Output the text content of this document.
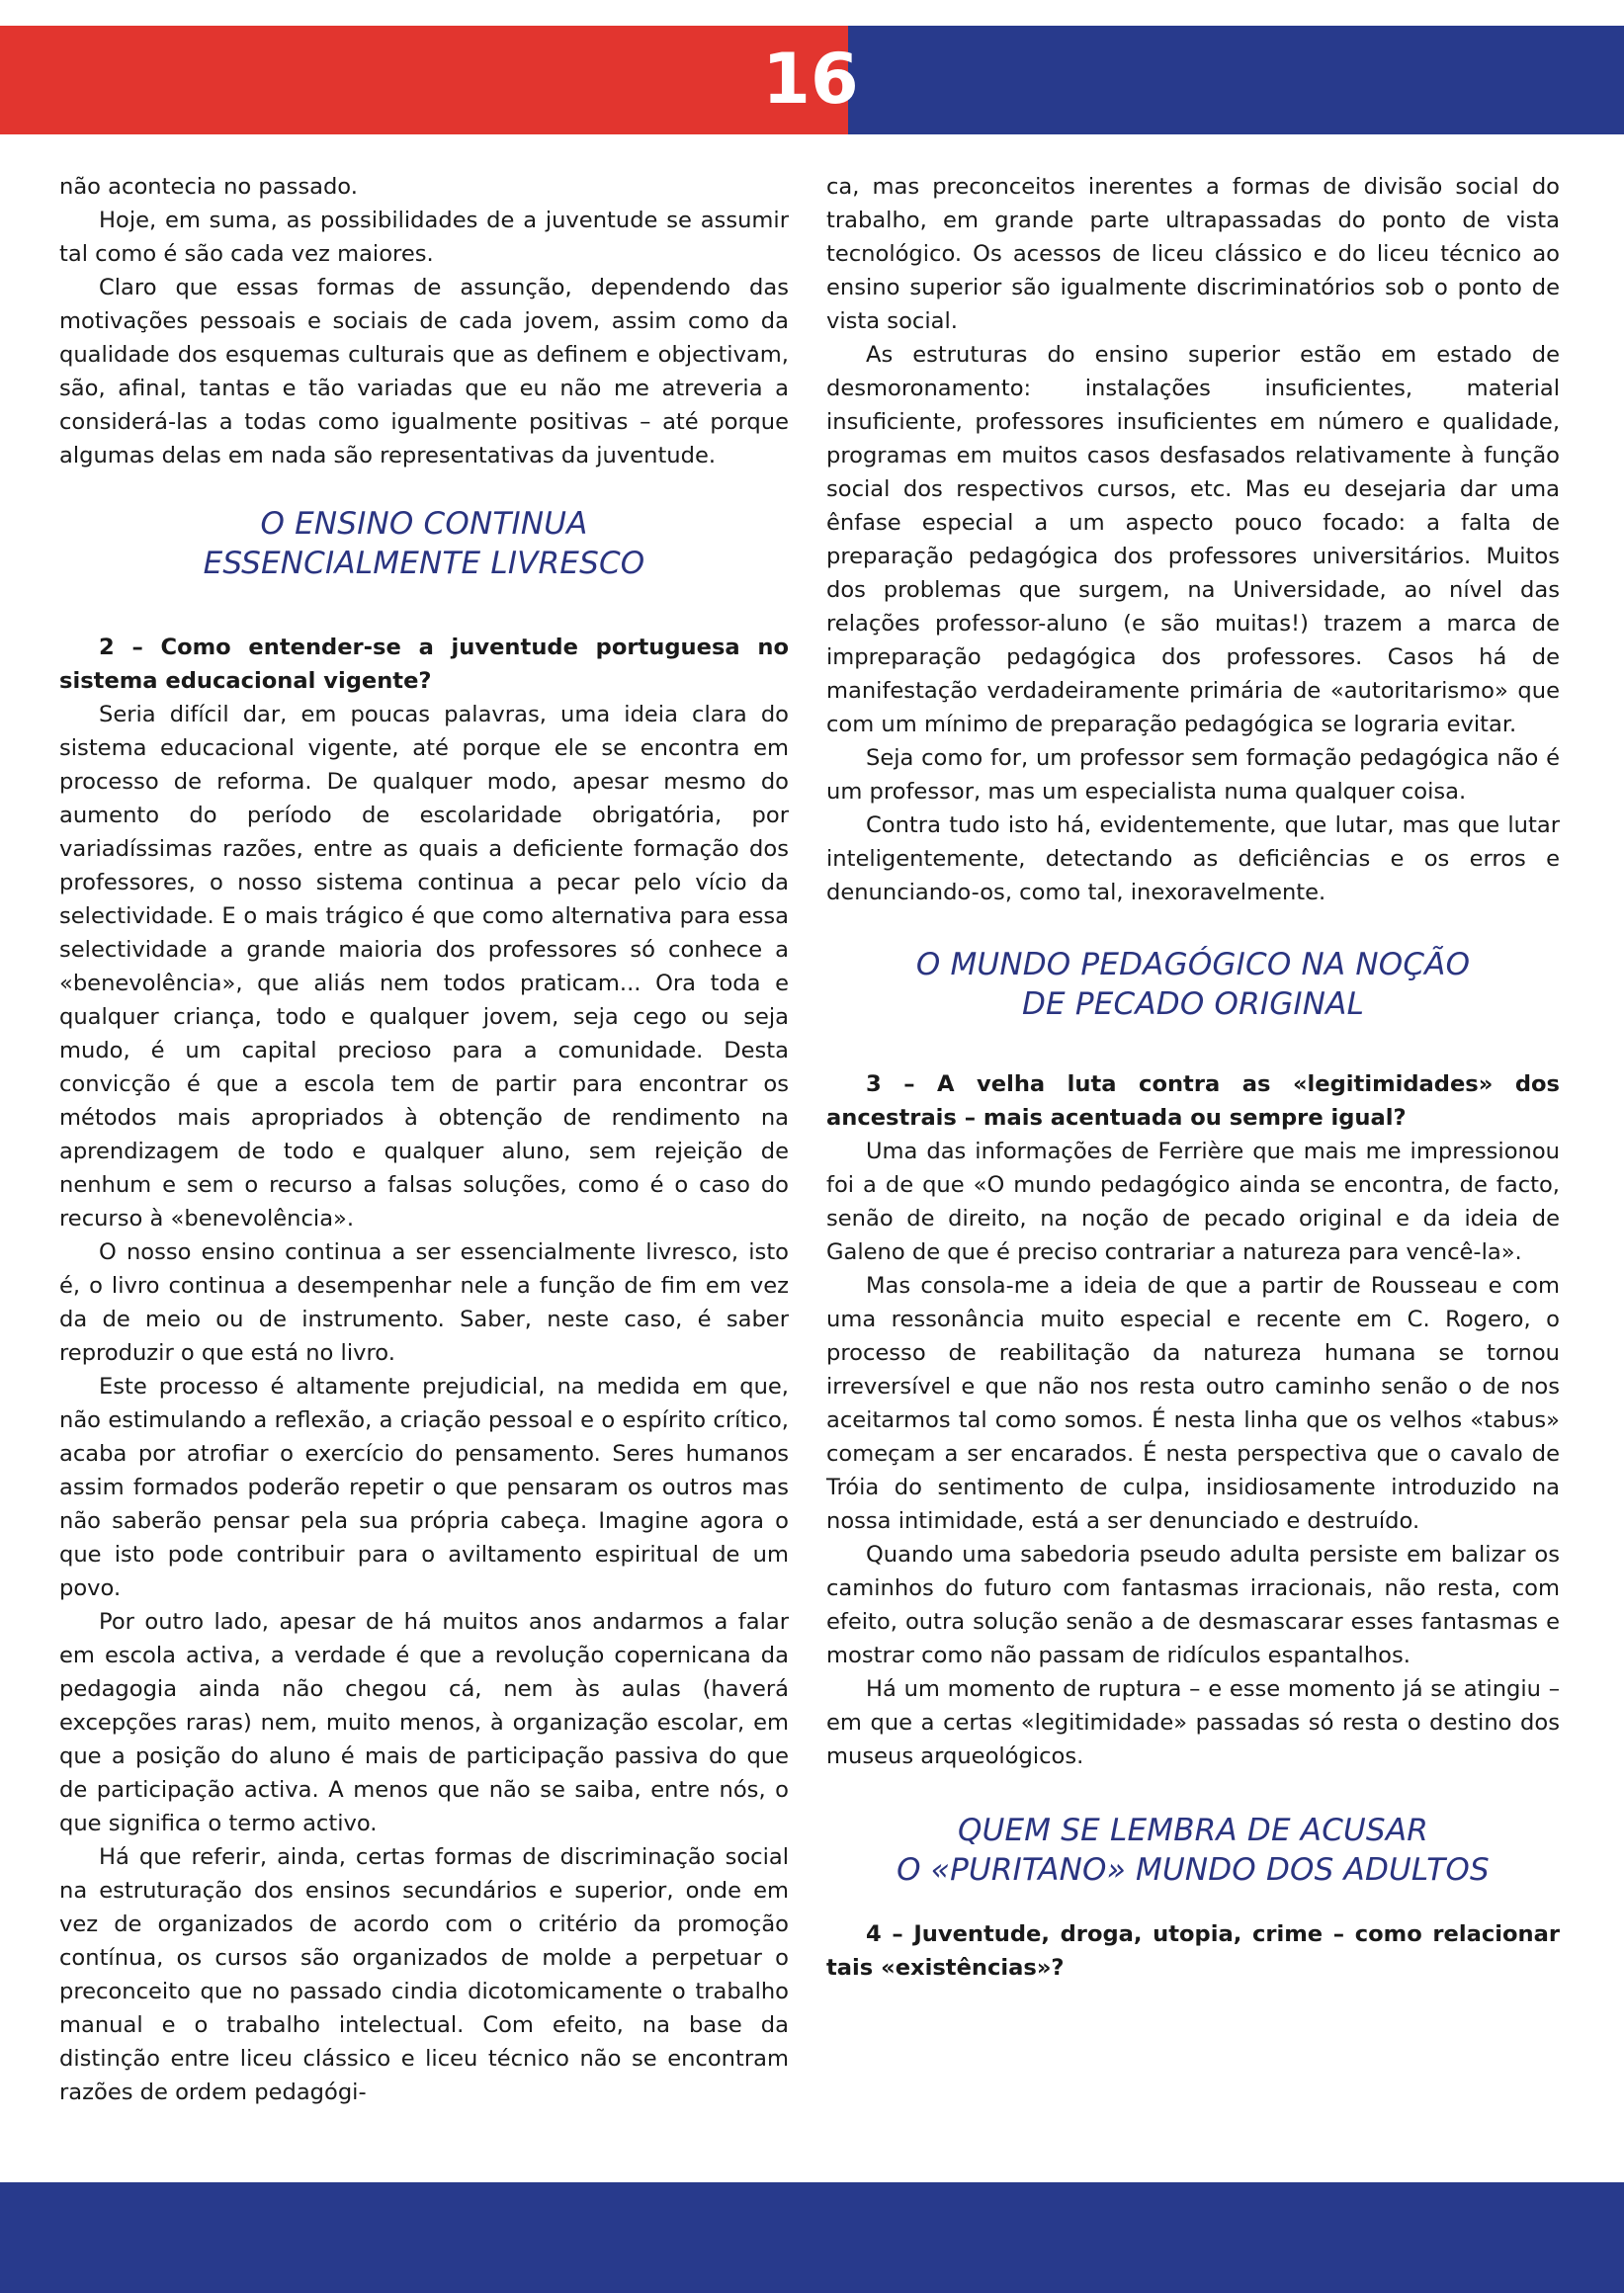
16

não acontecia no passado.

Hoje, em suma, as possibilidades de a juventude se assumir tal como é são cada vez maiores.

Claro que essas formas de assunção, dependendo das motivações pessoais e sociais de cada jovem, assim como da qualidade dos esquemas culturais que as definem e objectivam, são, afinal, tantas e tão variadas que eu não me atreveria a considerá-las a todas como igualmente positivas – até porque algumas delas em nada são representativas da juventude.

O ENSINO CONTINUA

ESSENCIALMENTE LIVRESCO

2 – Como entender-se a juventude portuguesa no sistema educacional vigente?

Seria difícil dar, em poucas palavras, uma ideia clara do sistema educacional vigente, até porque ele se encontra em processo de reforma. De qualquer modo, apesar mesmo do aumento do período de escolaridade obrigatória, por variadíssimas razões, entre as quais a deficiente formação dos professores, o nosso sistema continua a pecar pelo vício da selectividade. E o mais trágico é que como alternativa para essa selectividade a grande maioria dos professores só conhece a «benevolência», que aliás nem todos praticam... Ora toda e qualquer criança, todo e qualquer jovem, seja cego ou seja mudo, é um capital precioso para a comunidade. Desta convicção é que a escola tem de partir para encontrar os métodos mais apropriados à obtenção de rendimento na aprendizagem de todo e qualquer aluno, sem rejeição de nenhum e sem o recurso a falsas soluções, como é o caso do recurso à «benevolência».

O nosso ensino continua a ser essencialmente livresco, isto é, o livro continua a desempenhar nele a função de fim em vez da de meio ou de instrumento. Saber, neste caso, é saber reproduzir o que está no livro.

Este processo é altamente prejudicial, na medida em que, não estimulando a reflexão, a criação pessoal e o espírito crítico, acaba por atrofiar o exercício do pensamento. Seres humanos assim formados poderão repetir o que pensaram os outros mas não saberão pensar pela sua própria cabeça. Imagine agora o que isto pode contribuir para o aviltamento espiritual de um povo.

Por outro lado, apesar de há muitos anos andarmos a falar em escola activa, a verdade é que a revolução copernicana da pedagogia ainda não chegou cá, nem às aulas (haverá excepções raras) nem, muito menos, à organização escolar, em que a posição do aluno é mais de participação passiva do que de participação activa. A menos que não se saiba, entre nós, o que significa o termo activo.

Há que referir, ainda, certas formas de discriminação social na estruturação dos ensinos secundários e superior, onde em vez de organizados de acordo com o critério da promoção contínua, os cursos são organizados de molde a perpetuar o preconceito que no passado cindia dicotomicamente o trabalho manual e o trabalho intelectual. Com efeito, na base da distinção entre liceu clássico e liceu técnico não se encontram razões de ordem pedagógi-

ca, mas preconceitos inerentes a formas de divisão social do trabalho, em grande parte ultrapassadas do ponto de vista tecnológico. Os acessos de liceu clássico e do liceu técnico ao ensino superior são igualmente discriminatórios sob o ponto de vista social.

As estruturas do ensino superior estão em estado de desmoronamento: instalações insuficientes, material insuficiente, professores insuficientes em número e qualidade, programas em muitos casos desfasados relativamente à função social dos respectivos cursos, etc. Mas eu desejaria dar uma ênfase especial a um aspecto pouco focado: a falta de preparação pedagógica dos professores universitários. Muitos dos problemas que surgem, na Universidade, ao nível das relações professor-aluno (e são muitas!) trazem a marca de impreparação pedagógica dos professores. Casos há de manifestação verdadeiramente primária de «autoritarismo» que com um mínimo de preparação pedagógica se lograria evitar.

Seja como for, um professor sem formação pedagógica não é um professor, mas um especialista numa qualquer coisa.

Contra tudo isto há, evidentemente, que lutar, mas que lutar inteligentemente, detectando as deficiências e os erros e denunciando-os, como tal, inexoravelmente.

O MUNDO PEDAGÓGICO NA NOÇÃO

DE PECADO ORIGINAL

3 – A velha luta contra as «legitimidades» dos ancestrais – mais acentuada ou sempre igual?

Uma das informações de Ferrière que mais me impressionou foi a de que «O mundo pedagógico ainda se encontra, de facto, senão de direito, na noção de pecado original e da ideia de Galeno de que é preciso contrariar a natureza para vencê-la».

Mas consola-me a ideia de que a partir de Rousseau e com uma ressonância muito especial e recente em C. Rogero, o processo de reabilitação da natureza humana se tornou irreversível e que não nos resta outro caminho senão o de nos aceitarmos tal como somos. É nesta linha que os velhos «tabus» começam a ser encarados. É nesta perspectiva que o cavalo de Tróia do sentimento de culpa, insidiosamente introduzido na nossa intimidade, está a ser denunciado e destruído.

Quando uma sabedoria pseudo adulta persiste em balizar os caminhos do futuro com fantasmas irracionais, não resta, com efeito, outra solução senão a de desmascarar esses fantasmas e mostrar como não passam de ridículos espantalhos.

Há um momento de ruptura – e esse momento já se atingiu – em que a certas «legitimidade» passadas só resta o destino dos museus arqueológicos.

QUEM SE LEMBRA DE ACUSAR

O «PURITANO» MUNDO DOS ADULTOS

4 – Juventude, droga, utopia, crime – como relacionar tais «existências»?
